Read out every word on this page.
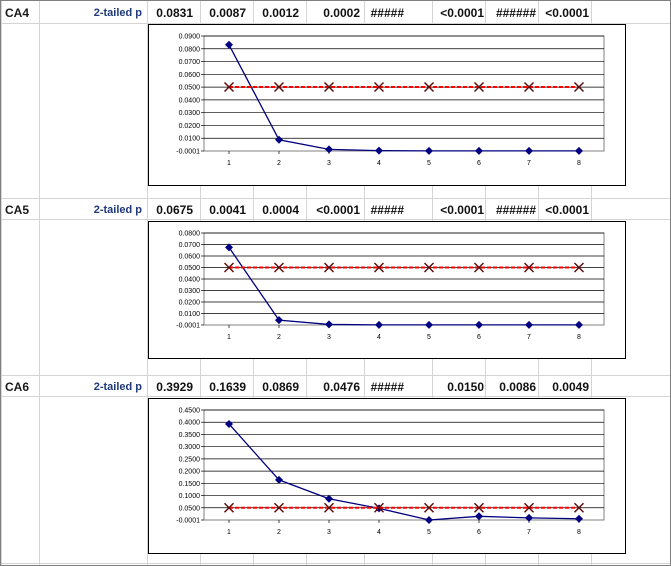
CA4	2-tailed p 0.0831 0.0087 0.0012 0.0002 #####	<0.0001 ###### <0.0001
-0.0001
0.0100
0.0200
0.0300
0.0400
0.0500
0.0600
0.0700
0.0800
0.0900
1	2	3	4	5	6	7	8
CA5	2-tailed p 0.0675 0.0041 0.0004 <0.0001 #####	<0.0001 ###### <0.0001
-0.0001
0.0100
0.0200
0.0300
0.0400
0.0500
0.0600
0.0700
0.0800
1	2	3	4	5	6	7	8
CA6	2-tailed p 0.3929 0.1639 0.0869 0.0476 #####	0.0150 0.0086 0.0049
-0.0001
0.0500
0.1000
0.1500
0.2000
0.2500
0.3000
0.3500
0.4000
0.4500
1	2	3	4	5	6	7	8
